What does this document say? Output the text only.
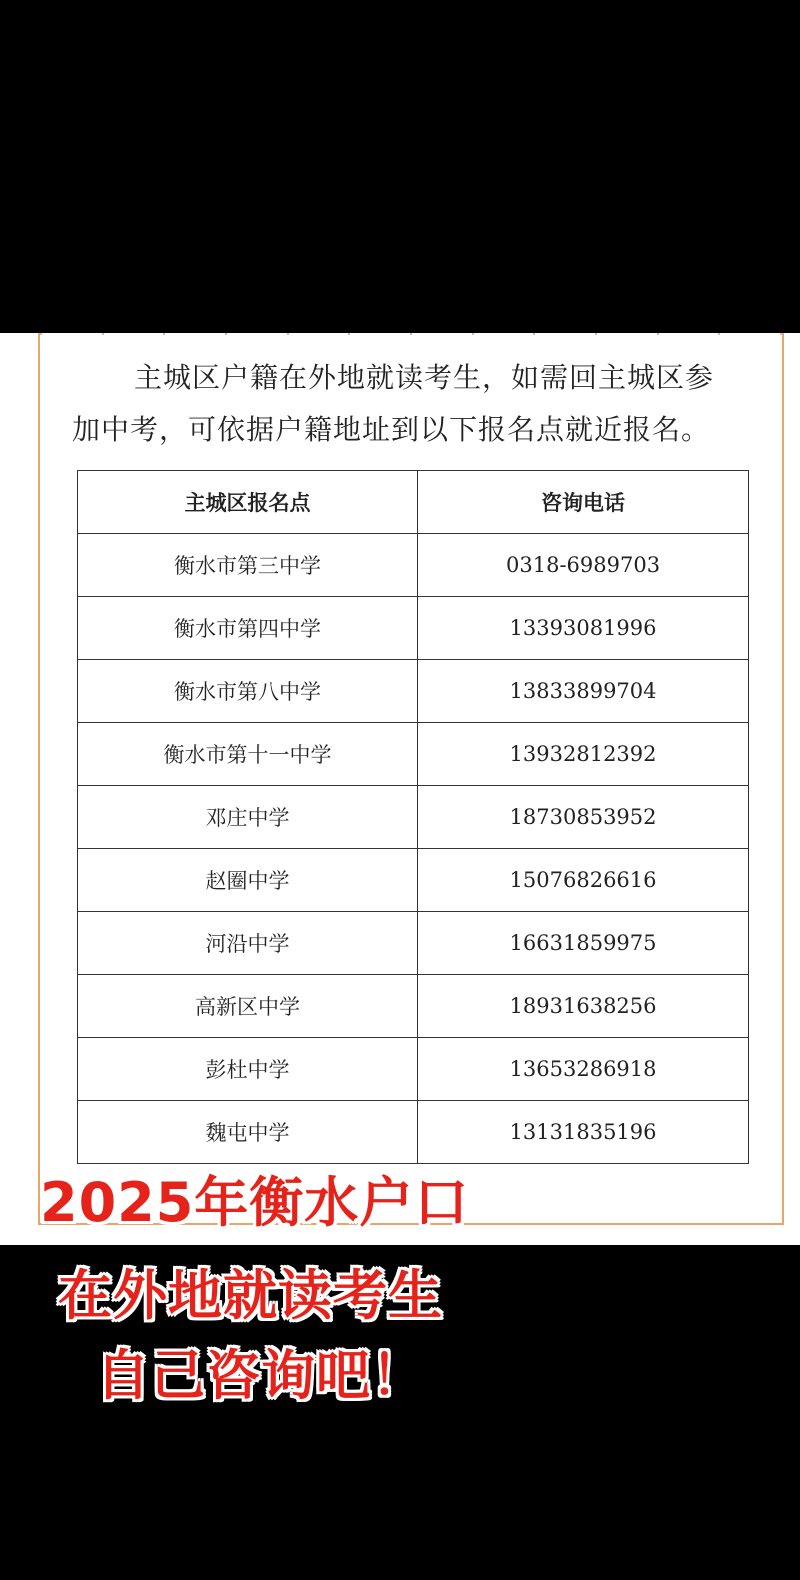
主城区户籍在外地就读考生，如需回主城区参

加中考，可依据户籍地址到以下报名点就近报名。

主城区报名点	咨询电话
衡水市第三中学	0318-6989703
衡水市第四中学	13393081996
衡水市第八中学	13833899704
衡水市第十一中学	13932812392
邓庄中学	18730853952
赵圈中学	15076826616
河沿中学	16631859975
高新区中学	18931638256
彭杜中学	13653286918
魏屯中学	13131835196
2025年衡水户口
在外地就读考生
自己咨询吧！
